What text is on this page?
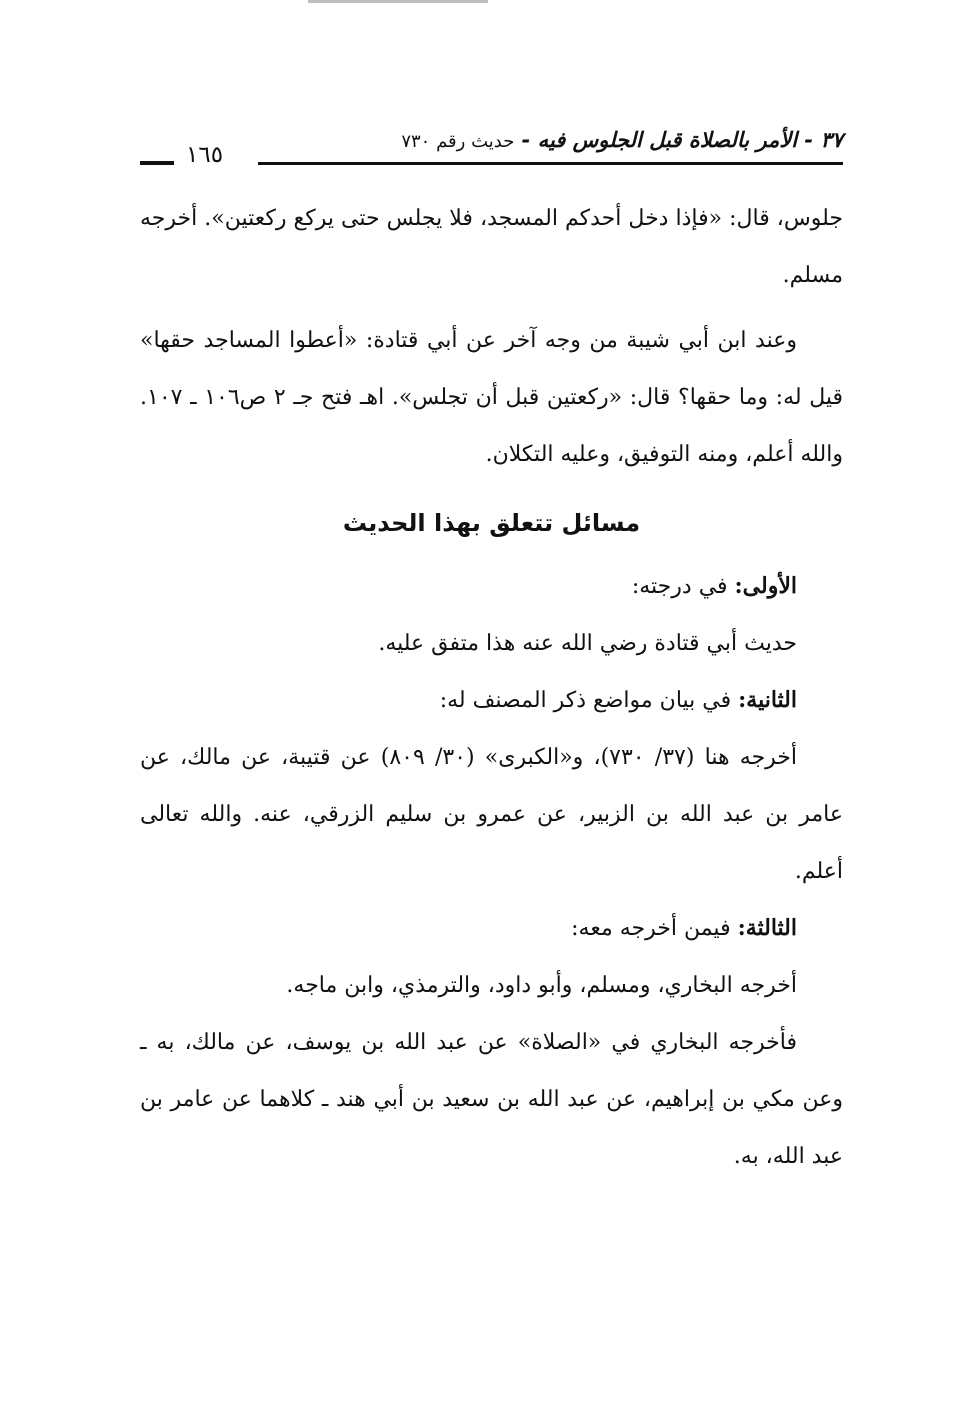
٣٧ - الأمر بالصلاة قبل الجلوس فيه - حديث رقم ٧٣٠
١٦٥

جلوس، قال: «فإذا دخل أحدكم المسجد، فلا يجلس حتى يركع ركعتين». أخرجه مسلم.

وعند ابن أبي شيبة من وجه آخر عن أبي قتادة: «أعطوا المساجد حقها» قيل له: وما حقها؟ قال: «ركعتين قبل أن تجلس». اهـ فتح جـ ٢ ص١٠٦ ـ ١٠٧. والله أعلم، ومنه التوفيق، وعليه التكلان.

مسائل تتعلق بهذا الحديث

الأولى: في درجته:

حديث أبي قتادة رضي الله عنه هذا متفق عليه.

الثانية: في بيان مواضع ذكر المصنف له:

أخرجه هنا (٣٧/ ٧٣٠)، و«الكبرى» (٣٠/ ٨٠٩) عن قتيبة، عن مالك، عن عامر بن عبد الله بن الزبير، عن عمرو بن سليم الزرقي، عنه. والله تعالى أعلم.

الثالثة: فيمن أخرجه معه:

أخرجه البخاري، ومسلم، وأبو داود، والترمذي، وابن ماجه.

فأخرجه البخاري في «الصلاة» عن عبد الله بن يوسف، عن مالك، به ـ وعن مكي بن إبراهيم، عن عبد الله بن سعيد بن أبي هند ـ كلاهما عن عامر بن عبد الله، به.
